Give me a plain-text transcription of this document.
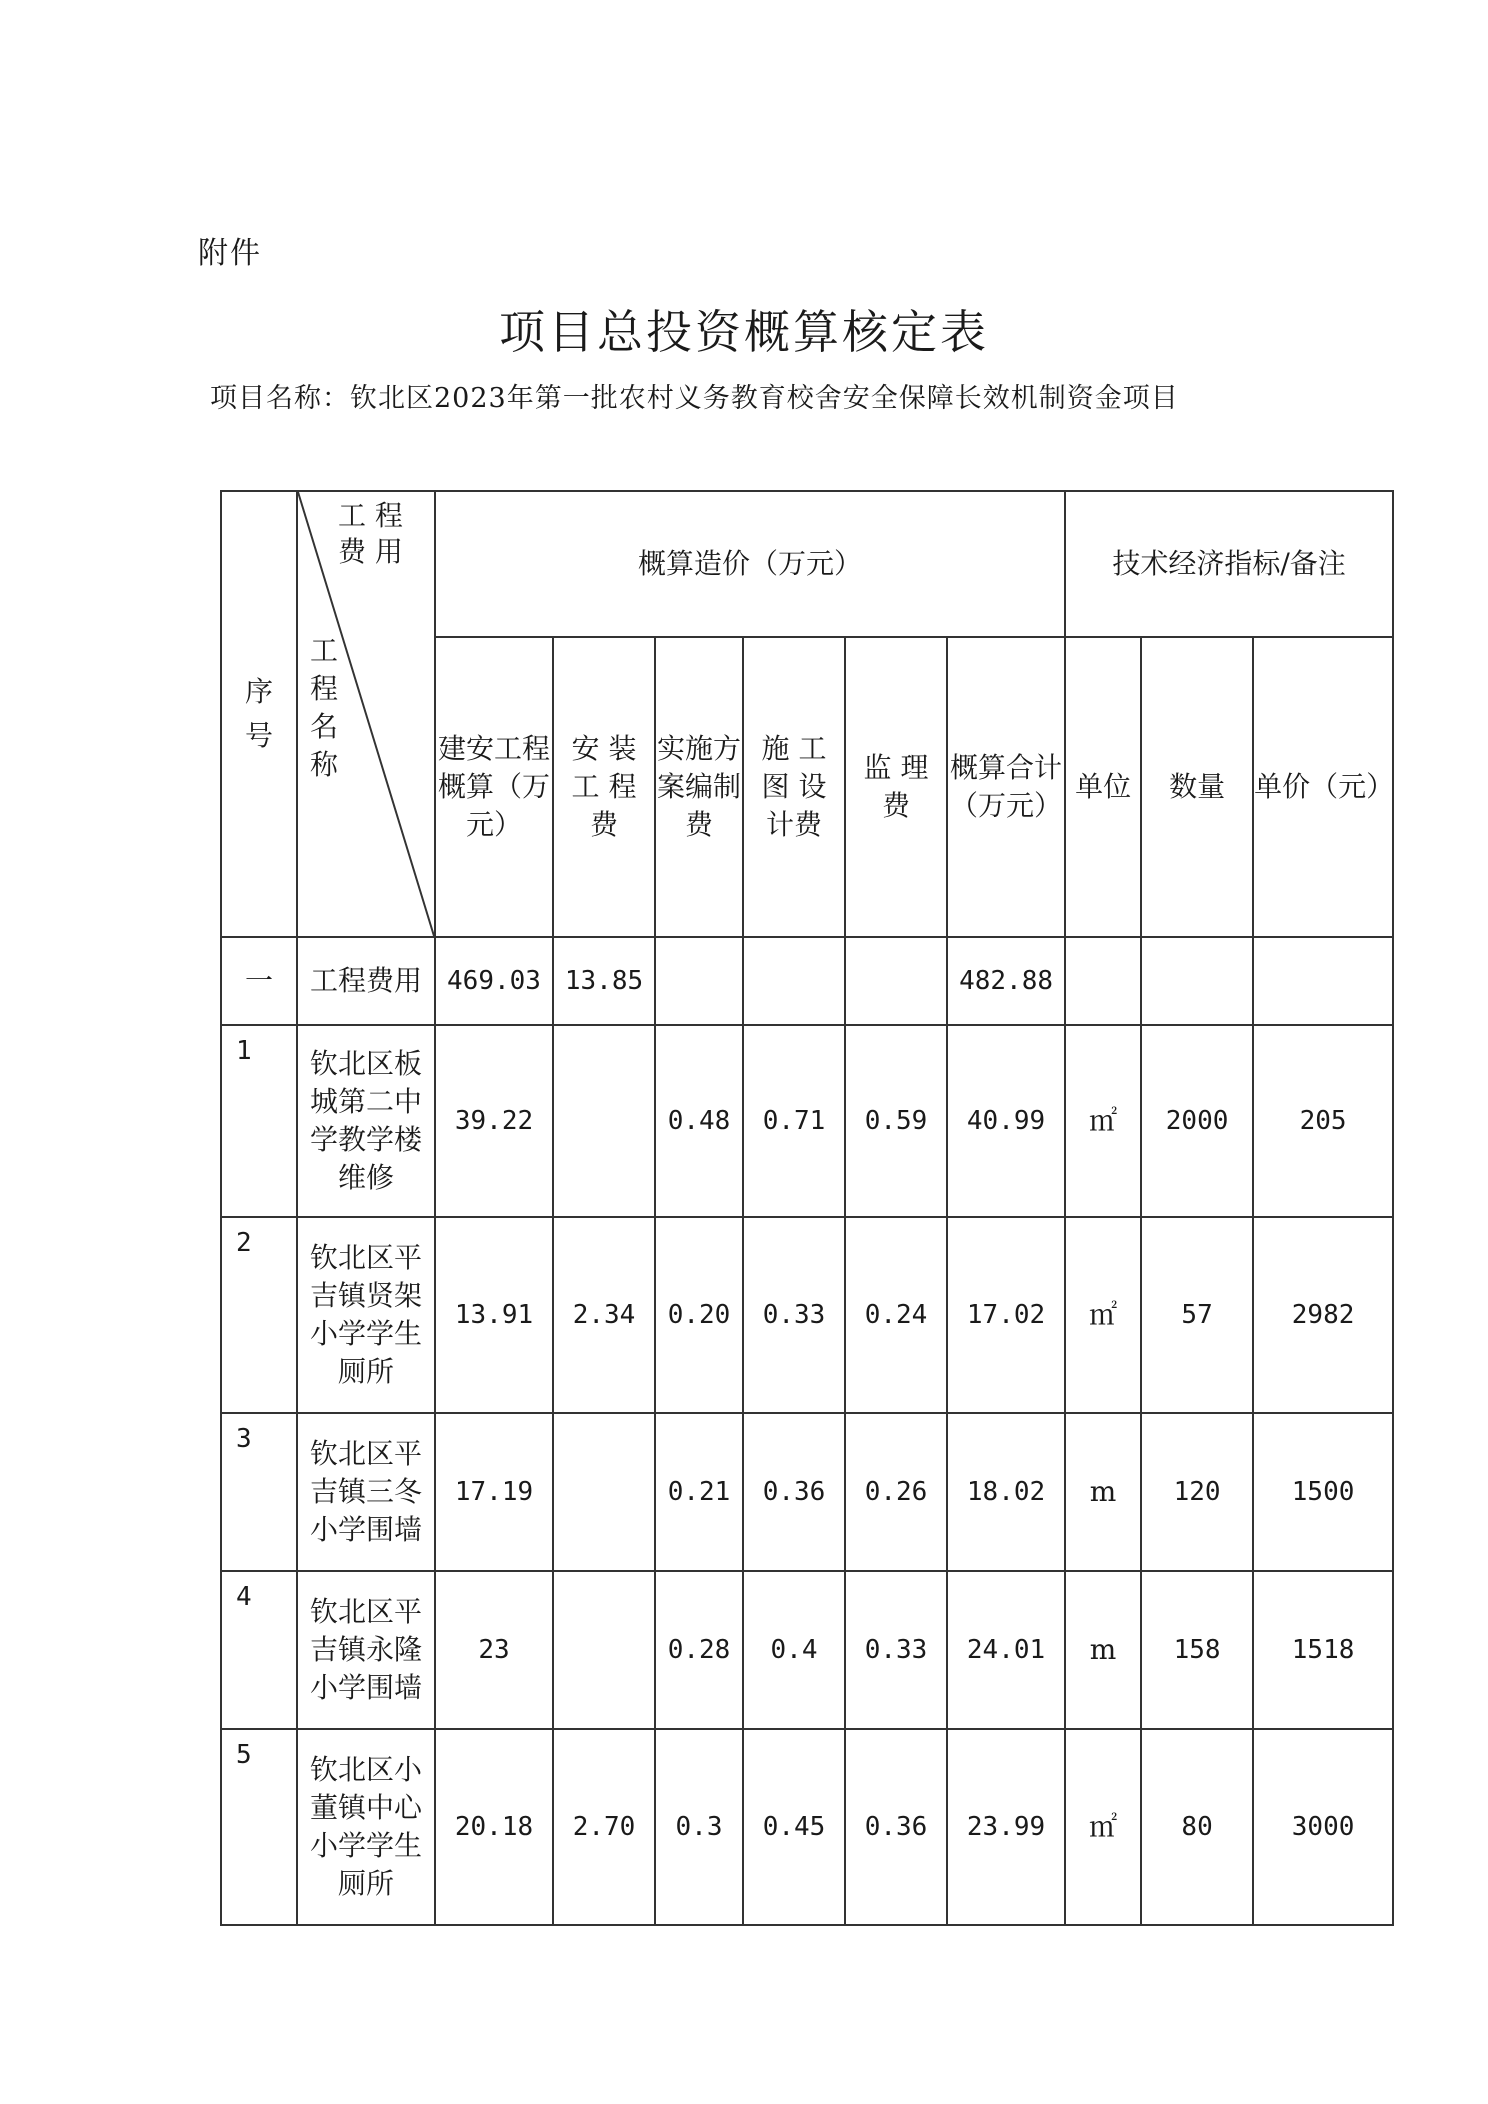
附件
项目总投资概算核定表
项目名称：钦北区2023年第一批农村义务教育校舍安全保障长效机制资金项目
序号	工 程 费 用
工程名称	概算造价（万元）						技术经济指标/备注		
		建安工程概算（万元）	安 装 工 程 费	实施方案编制费	施 工 图 设 计费	监 理 费	概算合计（万元）	单位	数量	单价（元）
一	工程费用	469.03	13.85				482.88			
1	钦北区板城第二中学教学楼维修	39.22		0.48	0.71	0.59	40.99	㎡	2000	205
2	钦北区平吉镇贤架小学学生厕所	13.91	2.34	0.20	0.33	0.24	17.02	㎡	57	2982
3	钦北区平吉镇三冬小学围墙	17.19		0.21	0.36	0.26	18.02	m	120	1500
4	钦北区平吉镇永隆小学围墙	23		0.28	0.4	0.33	24.01	m	158	1518
5	钦北区小董镇中心小学学生厕所	20.18	2.70	0.3	0.45	0.36	23.99	㎡	80	3000
